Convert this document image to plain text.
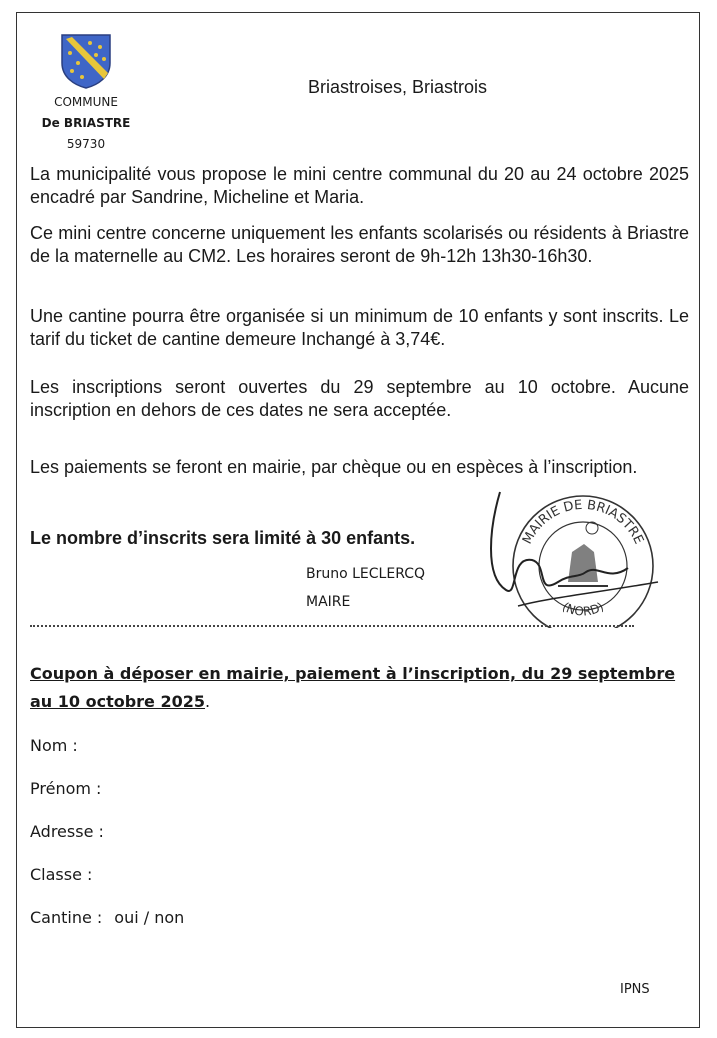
COMMUNE
De BRIASTRE
59730
Briastroises, Briastrois

La municipalité vous propose le mini centre communal du 20 au 24 octobre 2025 encadré par Sandrine, Micheline et Maria.

Ce mini centre concerne uniquement les enfants scolarisés ou résidents à Briastre de la maternelle au CM2. Les horaires seront de 9h-12h 13h30-16h30.

Une cantine pourra être organisée si un minimum de 10 enfants y sont inscrits. Le tarif du ticket de cantine demeure Inchangé à 3,74€.

Les inscriptions seront ouvertes du 29 septembre au 10 octobre. Aucune inscription en dehors de ces dates ne sera acceptée.

Les paiements se feront en mairie, par chèque ou en espèces à l’inscription.

Le nombre d’inscrits sera limité à 30 enfants.
Bruno LECLERCQ
MAIRE
MAIRIE DE BRIASTRE
(NORD)

Coupon à déposer en mairie, paiement à l’inscription, du 29 septembre au 10 octobre 2025.

Nom :
Prénom :
Adresse :
Classe :
Cantine : oui / non
IPNS
